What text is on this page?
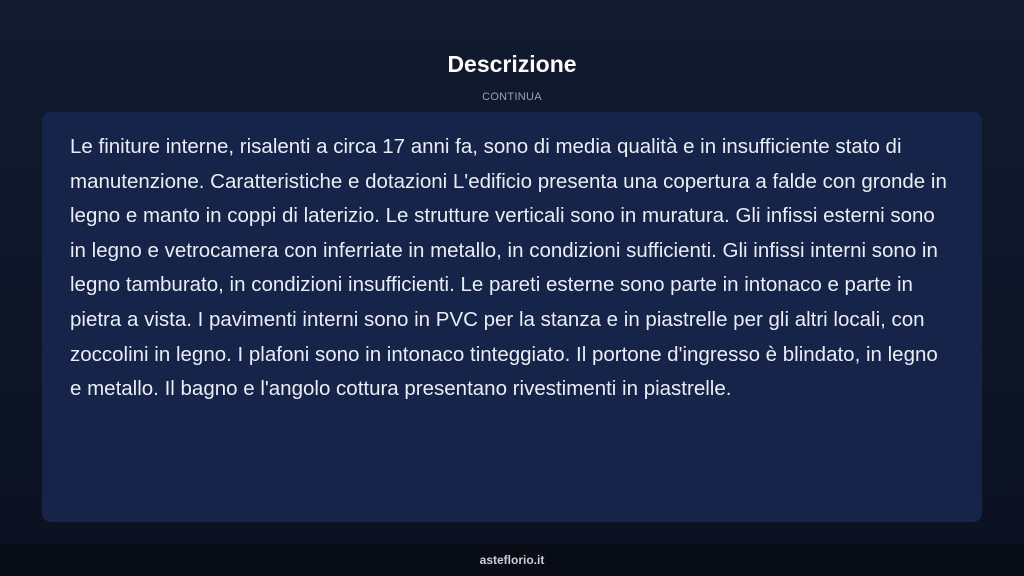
Descrizione
CONTINUA

Le finiture interne, risalenti a circa 17 anni fa, sono di media qualità e in insufficiente stato di manutenzione. Caratteristiche e dotazioni L'edificio presenta una copertura a falde con gronde in legno e manto in coppi di laterizio. Le strutture verticali sono in muratura. Gli infissi esterni sono in legno e vetrocamera con inferriate in metallo, in condizioni sufficienti. Gli infissi interni sono in legno tamburato, in condizioni insufficienti. Le pareti esterne sono parte in intonaco e parte in pietra a vista. I pavimenti interni sono in PVC per la stanza e in piastrelle per gli altri locali, con zoccolini in legno. I plafoni sono in intonaco tinteggiato. Il portone d'ingresso è blindato, in legno e metallo. Il bagno e l'angolo cottura presentano rivestimenti in piastrelle.

asteflorio.it
